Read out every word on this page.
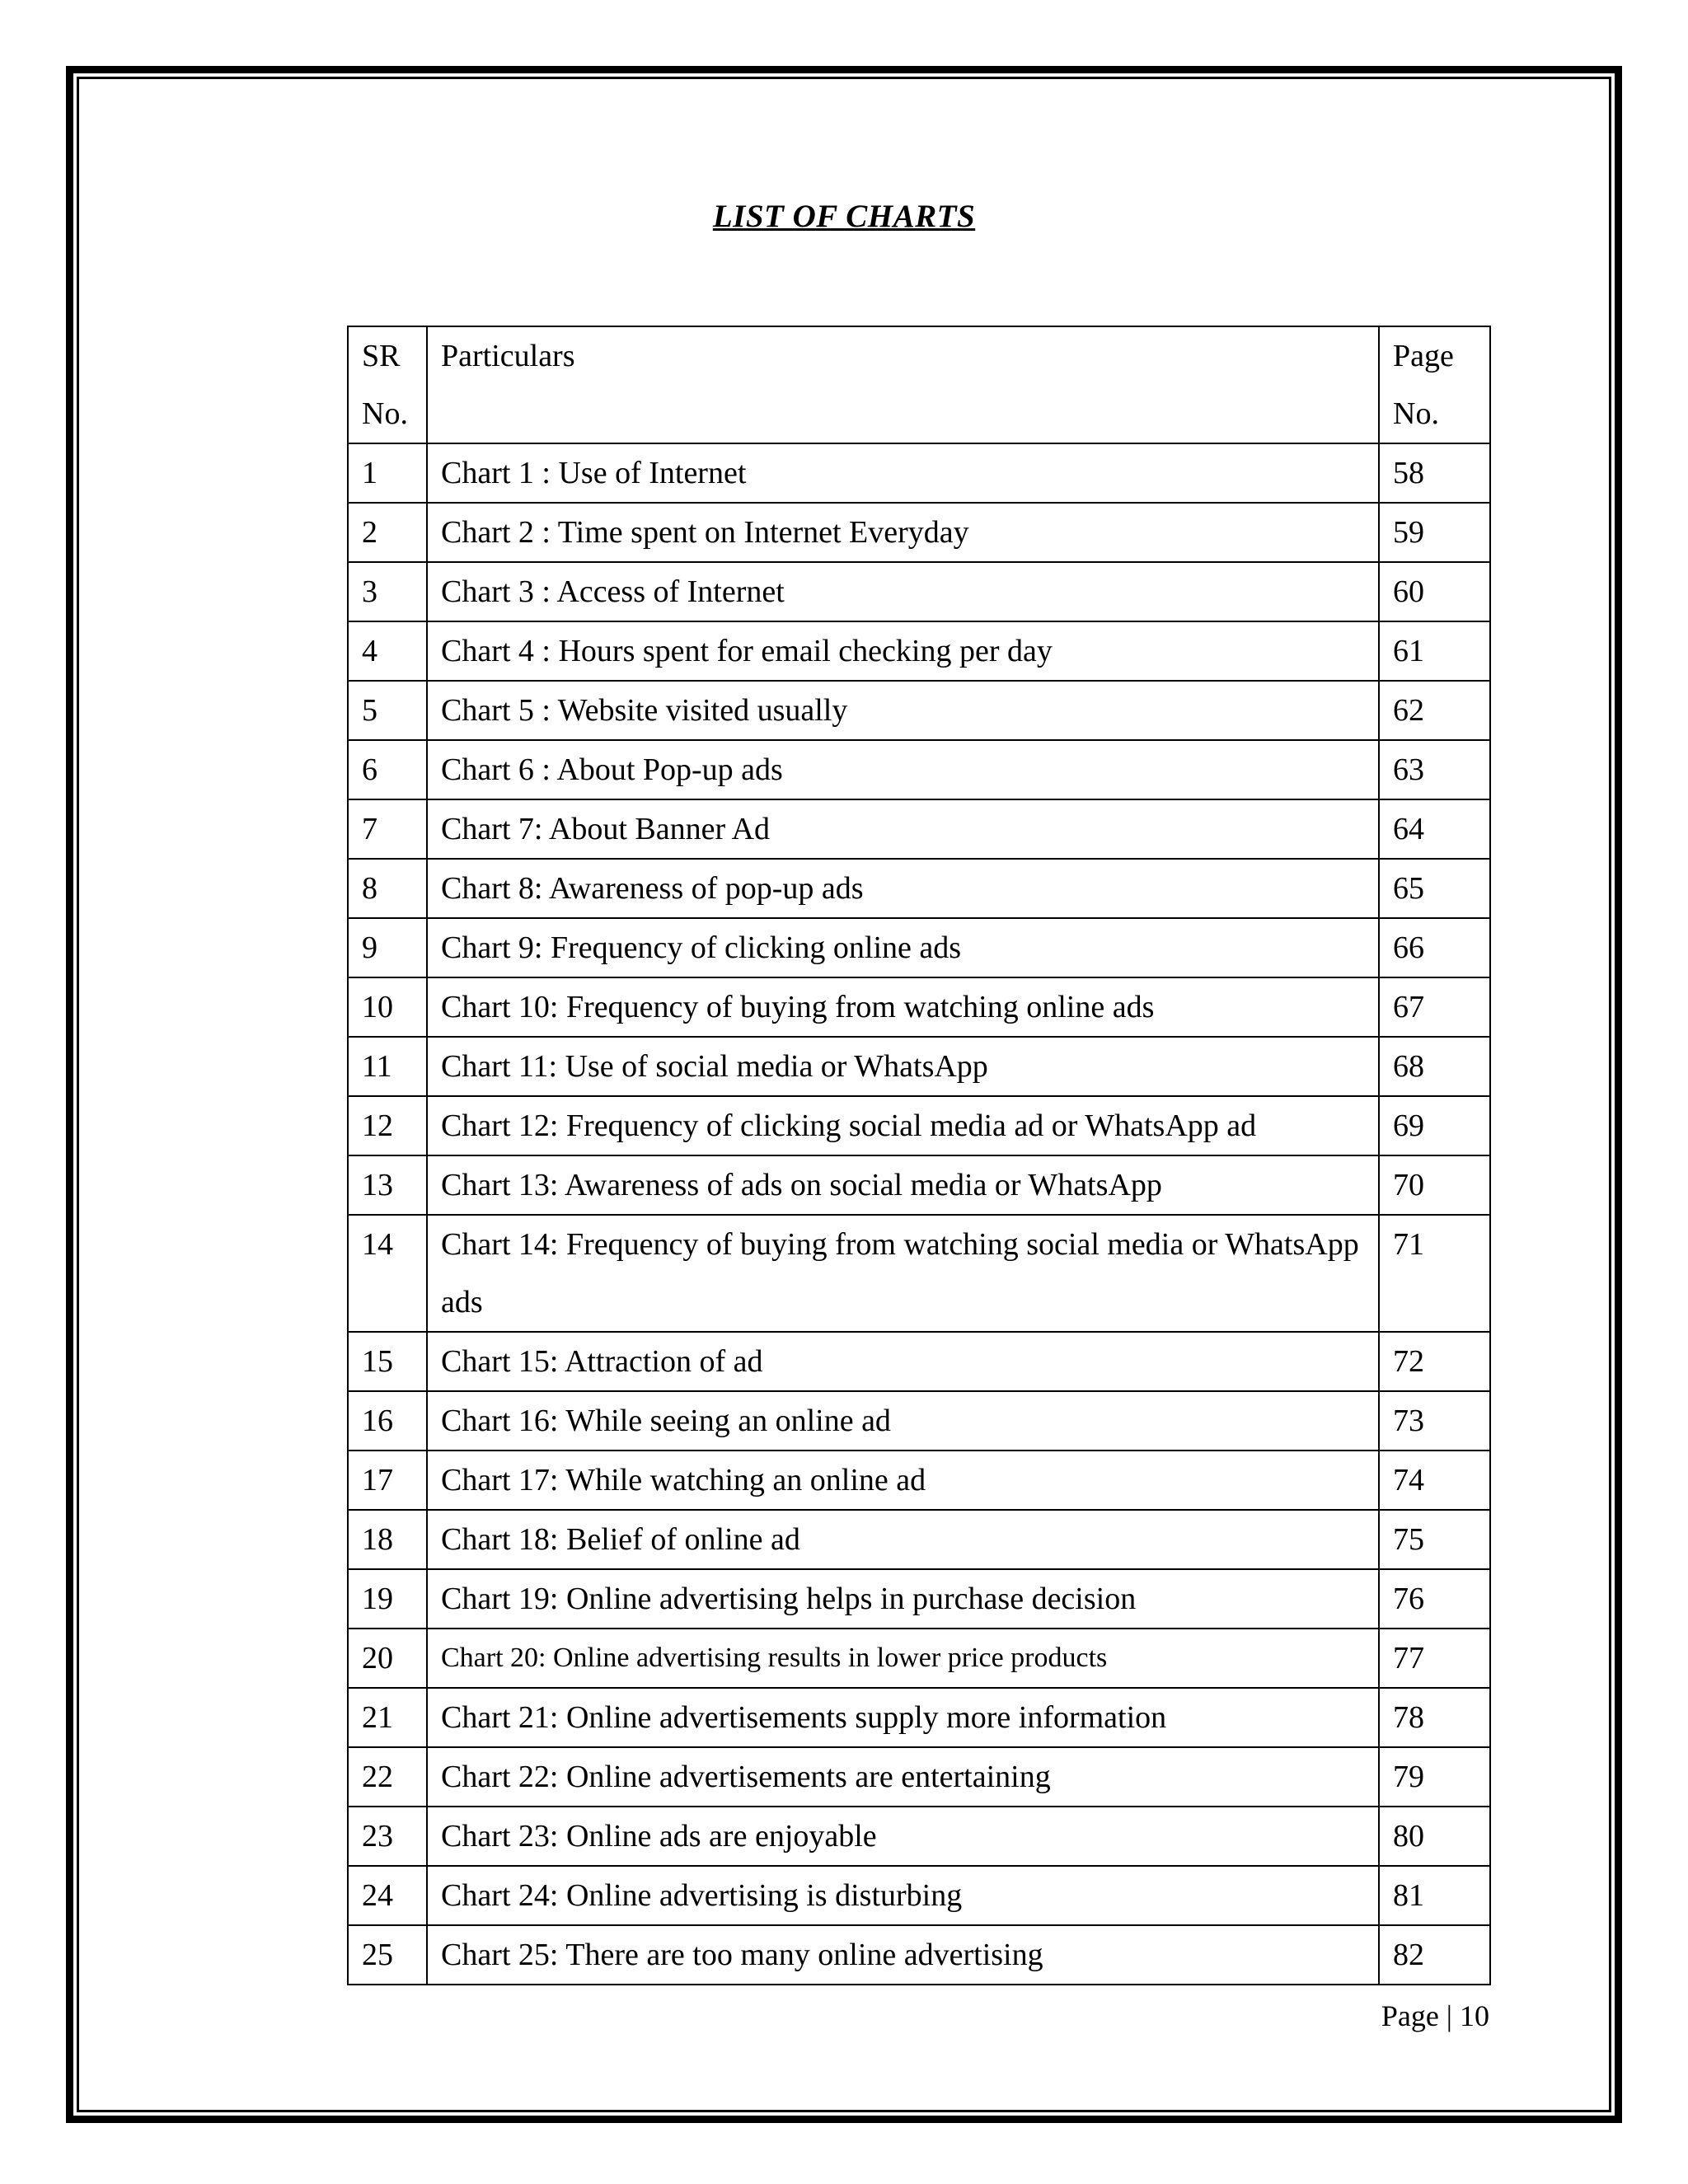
LIST OF CHARTS
SR No.	Particulars	Page No.
1	Chart 1 : Use of Internet	58
2	Chart 2 : Time spent on Internet Everyday	59
3	Chart 3 : Access of Internet	60
4	Chart 4 : Hours spent for email checking per day	61
5	Chart 5 : Website visited usually	62
6	Chart 6 : About Pop-up ads	63
7	Chart 7: About Banner Ad	64
8	Chart 8: Awareness of pop-up ads	65
9	Chart 9: Frequency of clicking online ads	66
10	Chart 10: Frequency of buying from watching online ads	67
11	Chart 11: Use of social media or WhatsApp	68
12	Chart 12: Frequency of clicking social media ad or WhatsApp ad	69
13	Chart 13: Awareness of ads on social media or WhatsApp	70
14	Chart 14: Frequency of buying from watching social media or WhatsApp ads	71
15	Chart 15: Attraction of ad	72
16	Chart 16: While seeing an online ad	73
17	Chart 17: While watching an online ad	74
18	Chart 18: Belief of online ad	75
19	Chart 19: Online advertising helps in purchase decision	76
20	Chart 20: Online advertising results in lower price products	77
21	Chart 21: Online advertisements supply more information	78
22	Chart 22: Online advertisements are entertaining	79
23	Chart 23: Online ads are enjoyable	80
24	Chart 24: Online advertising is disturbing	81
25	Chart 25: There are too many online advertising	82
Page | 10
